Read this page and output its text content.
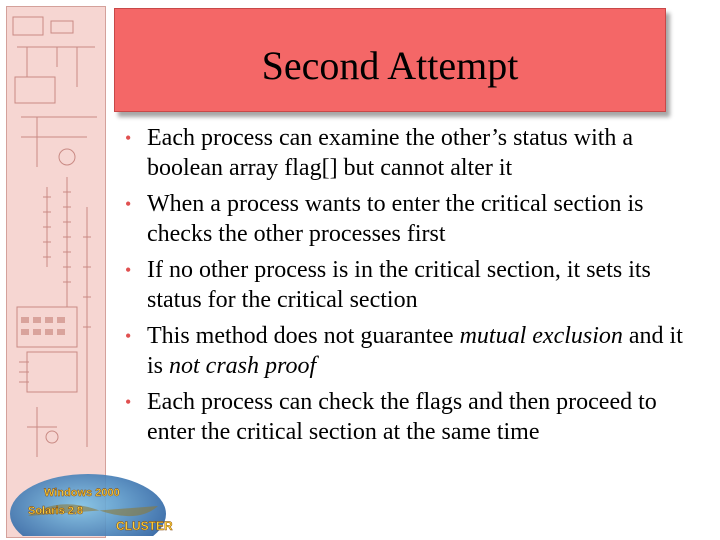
Second Attempt
• Each process can examine the other’s status with a boolean array flag[] but cannot alter it
• When a process wants to enter the critical section is checks the other processes first
• If no other process is in the critical section, it sets its status for the critical section
• This method does not guarantee mutual exclusion and it is not crash proof
• Each process can check the flags and then proceed to enter the critical section at the same time
Windows 2000
Solaris 2.8
CLUSTER
